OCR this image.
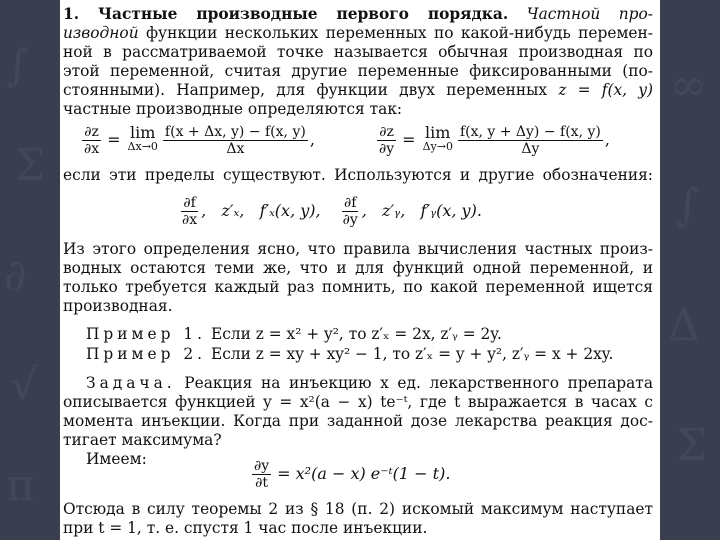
∫
Σ
∂
√
π
∞
∫
Δ
Σ
1. Частные производные первого порядка. Частной про-
изводной функции нескольких переменных по какой-нибудь перемен-
ной в рассматриваемой точке называется обычная производная по
этой переменной, считая другие переменные фиксированными (по-
стоянными). Например, для функции двух переменных z = f(x, y)
частные производные определяются так:
$\frac{\partial z}{\partial x} = \lim$
$\Delta x\to 0 \frac{f(x + \Delta x, y) - f(x, y)}{\Delta x}$ ,	$\frac{\partial z}{\partial y} = \lim$
$\Delta y\to 0 \frac{f(x, y + \Delta y) - f(x, y)}{\Delta y}$ ,
если эти пределы существуют. Используются и другие обозначения:
$\frac{\partial f}{\partial x}$ ,   z′ₓ,   f′ₓ(x, y), $\frac{\partial f}{\partial y}$ ,   z′ᵧ,   f′ᵧ(x, y).
Из этого определения ясно, что правила вычисления частных произ-
водных остаются теми же, что и для функций одной переменной, и
только требуется каждый раз помнить, по какой переменной ищется
производная.
Пример 1. Если z = x² + y², то z′ₓ = 2x, z′ᵧ = 2y.
Пример 2. Если z = xy + xy² − 1, то z′ₓ = y + y², z′ᵧ = x + 2xy.
Задача. Реакция на инъекцию x ед. лекарственного препарата
описывается функцией y = x²(a − x) te⁻ᵗ, где t выражается в часах с
момента инъекции. Когда при заданной дозе лекарства реакция дос-
тигает максимума?
Имеем:	$\frac{\partial y}{\partial t} = x^2(a - x)$ e⁻ᵗ(1 − t).
Отсюда в силу теоремы 2 из § 18 (п. 2) искомый максимум наступает
при t = 1, т. е. спустя 1 час после инъекции.
